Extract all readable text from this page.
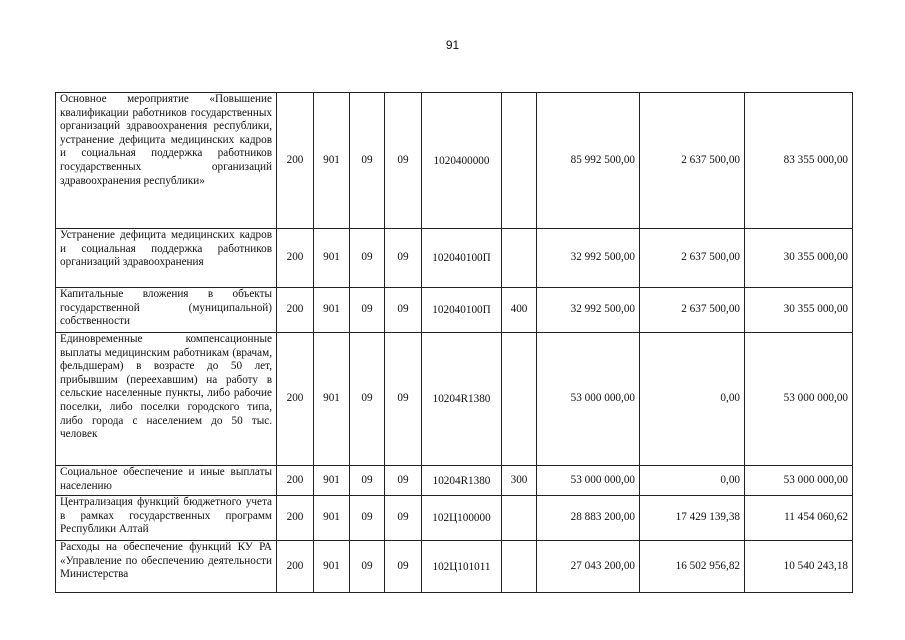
91
Основное мероприятие «Повышение квалификации работников государственных организаций здравоохранения республики, устранение дефицита медицинских кадров и социальная поддержка работников государственных организаций здравоохранения республики»	200	901	09	09	1020400000		85 992 500,00	2 637 500,00	83 355 000,00
Устранение дефицита медицинских кадров и социальная поддержка работников организаций здравоохранения	200	901	09	09	102040100П		32 992 500,00	2 637 500,00	30 355 000,00
Капитальные вложения в объекты государственной (муниципальной) собственности	200	901	09	09	102040100П	400	32 992 500,00	2 637 500,00	30 355 000,00
Единовременные компенсационные выплаты медицинским работникам (врачам, фельдшерам) в возрасте до 50 лет, прибывшим (переехавшим) на работу в сельские населенные пункты, либо рабочие поселки, либо поселки городского типа, либо города с населением до 50 тыс. человек	200	901	09	09	10204R1380		53 000 000,00	0,00	53 000 000,00
Социальное обеспечение и иные выплаты населению	200	901	09	09	10204R1380	300	53 000 000,00	0,00	53 000 000,00
Централизация функций бюджетного учета в рамках государственных программ Республики Алтай	200	901	09	09	102Ц100000		28 883 200,00	17 429 139,38	11 454 060,62
Расходы на обеспечение функций КУ РА «Управление по обеспечению деятельности Министерства	200	901	09	09	102Ц101011		27 043 200,00	16 502 956,82	10 540 243,18
